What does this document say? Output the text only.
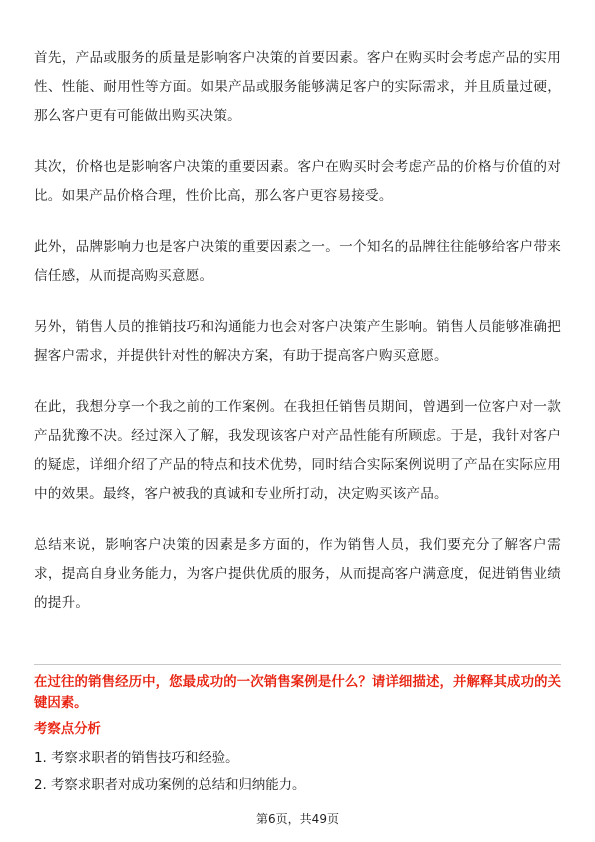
首先，产品或服务的质量是影响客户决策的首要因素。客户在购买时会考虑产品的实用性、性能、耐用性等方面。如果产品或服务能够满足客户的实际需求，并且质量过硬，那么客户更有可能做出购买决策。

其次，价格也是影响客户决策的重要因素。客户在购买时会考虑产品的价格与价值的对比。如果产品价格合理，性价比高，那么客户更容易接受。

此外，品牌影响力也是客户决策的重要因素之一。一个知名的品牌往往能够给客户带来信任感，从而提高购买意愿。

另外，销售人员的推销技巧和沟通能力也会对客户决策产生影响。销售人员能够准确把握客户需求，并提供针对性的解决方案，有助于提高客户购买意愿。

在此，我想分享一个我之前的工作案例。在我担任销售员期间，曾遇到一位客户对一款产品犹豫不决。经过深入了解，我发现该客户对产品性能有所顾虑。于是，我针对客户的疑虑，详细介绍了产品的特点和技术优势，同时结合实际案例说明了产品在实际应用中的效果。最终，客户被我的真诚和专业所打动，决定购买该产品。

总结来说，影响客户决策的因素是多方面的，作为销售人员，我们要充分了解客户需求，提高自身业务能力，为客户提供优质的服务，从而提高客户满意度，促进销售业绩的提升。

在过往的销售经历中，您最成功的一次销售案例是什么？请详细描述，并解释其成功的关键因素。

考察点分析

1. 考察求职者的销售技巧和经验。

2. 考察求职者对成功案例的总结和归纳能力。

第6页，共49页
